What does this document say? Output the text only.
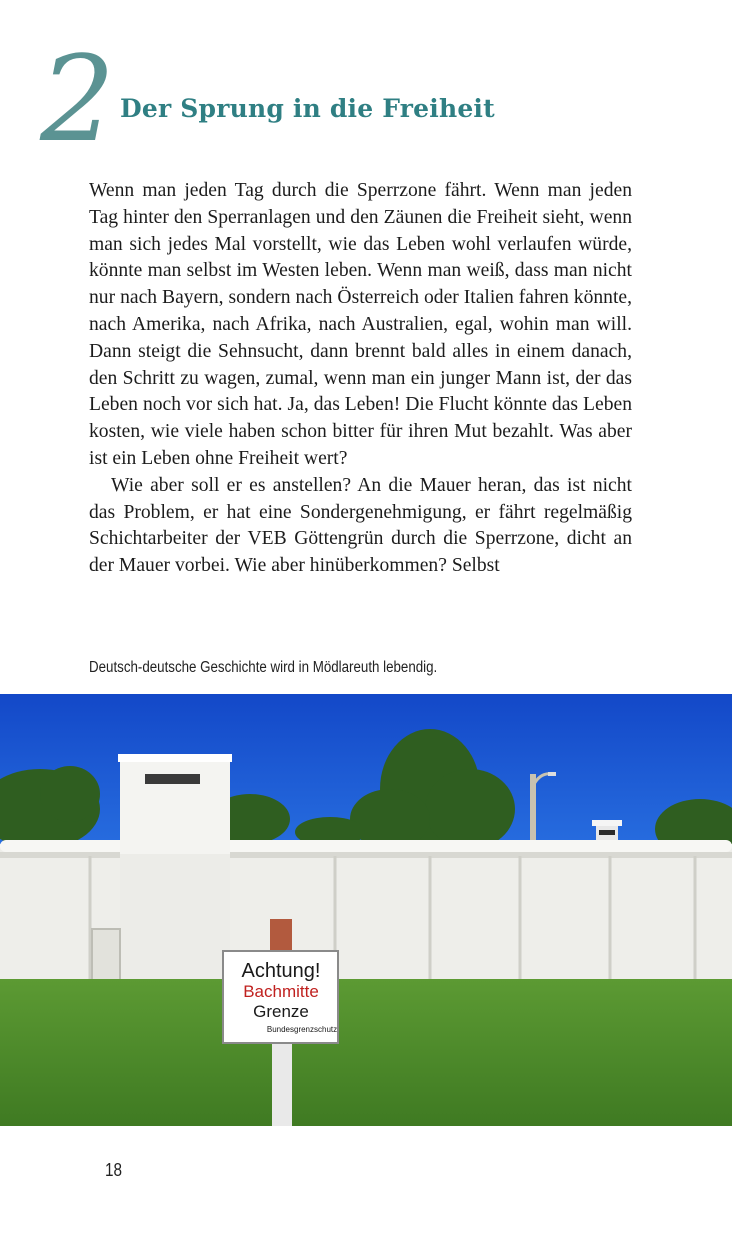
2 Der Sprung in die Freiheit

Wenn man jeden Tag durch die Sperrzone fährt. Wenn man jeden Tag hinter den Sperranlagen und den Zäunen die Freiheit sieht, wenn man sich jedes Mal vorstellt, wie das Leben wohl verlaufen würde, könnte man selbst im Westen leben. Wenn man weiß, dass man nicht nur nach Bayern, sondern nach Österreich oder Italien fahren könnte, nach Amerika, nach Afrika, nach Australien, egal, wohin man will. Dann steigt die Sehnsucht, dann brennt bald alles in einem danach, den Schritt zu wagen, zumal, wenn man ein junger Mann ist, der das Leben noch vor sich hat. Ja, das Leben! Die Flucht könnte das Leben kosten, wie viele haben schon bitter für ihren Mut bezahlt. Was aber ist ein Leben ohne Freiheit wert?

Wie aber soll er es anstellen? An die Mauer heran, das ist nicht das Problem, er hat eine Sondergenehmigung, er fährt regelmäßig Schichtarbeiter der VEB Göttengrün durch die Sperrzone, dicht an der Mauer vorbei. Wie aber hinüberkommen? Selbst

Deutsch-deutsche Geschichte wird in Mödlareuth lebendig.
Achtung!
Bachmitte
Grenze
Bundesgrenzschutz
18
